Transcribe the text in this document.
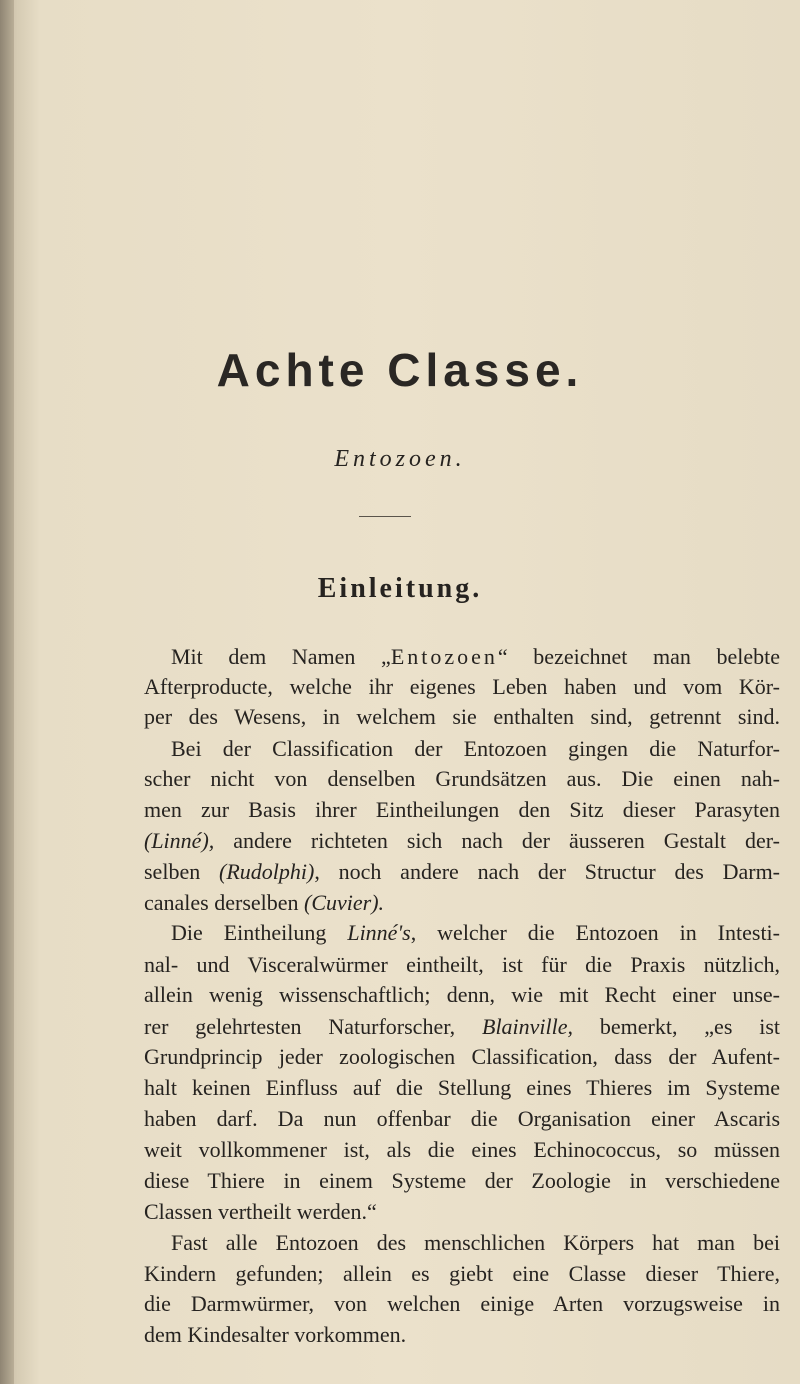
Achte Classe.
Entozoen.
Einleitung.
Mit dem Namen „Entozoen“ bezeichnet man belebte
Afterproducte, welche ihr eigenes Leben haben und vom Kör-
per des Wesens, in welchem sie enthalten sind, getrennt sind.
Bei der Classification der Entozoen gingen die Naturfor-
scher nicht von denselben Grundsätzen aus. Die einen nah-
men zur Basis ihrer Eintheilungen den Sitz dieser Parasyten
(Linné), andere richteten sich nach der äusseren Gestalt der-
selben (Rudolphi), noch andere nach der Structur des Darm-
canales derselben (Cuvier).
Die Eintheilung Linné's, welcher die Entozoen in Intesti-
nal- und Visceralwürmer eintheilt, ist für die Praxis nützlich,
allein wenig wissenschaftlich; denn, wie mit Recht einer unse-
rer gelehrtesten Naturforscher, Blainville, bemerkt, „es ist
Grundprincip jeder zoologischen Classification, dass der Aufent-
halt keinen Einfluss auf die Stellung eines Thieres im Systeme
haben darf. Da nun offenbar die Organisation einer Ascaris
weit vollkommener ist, als die eines Echinococcus, so müssen
diese Thiere in einem Systeme der Zoologie in verschiedene
Classen vertheilt werden.“
Fast alle Entozoen des menschlichen Körpers hat man bei
Kindern gefunden; allein es giebt eine Classe dieser Thiere,
die Darmwürmer, von welchen einige Arten vorzugsweise in
dem Kindesalter vorkommen.
